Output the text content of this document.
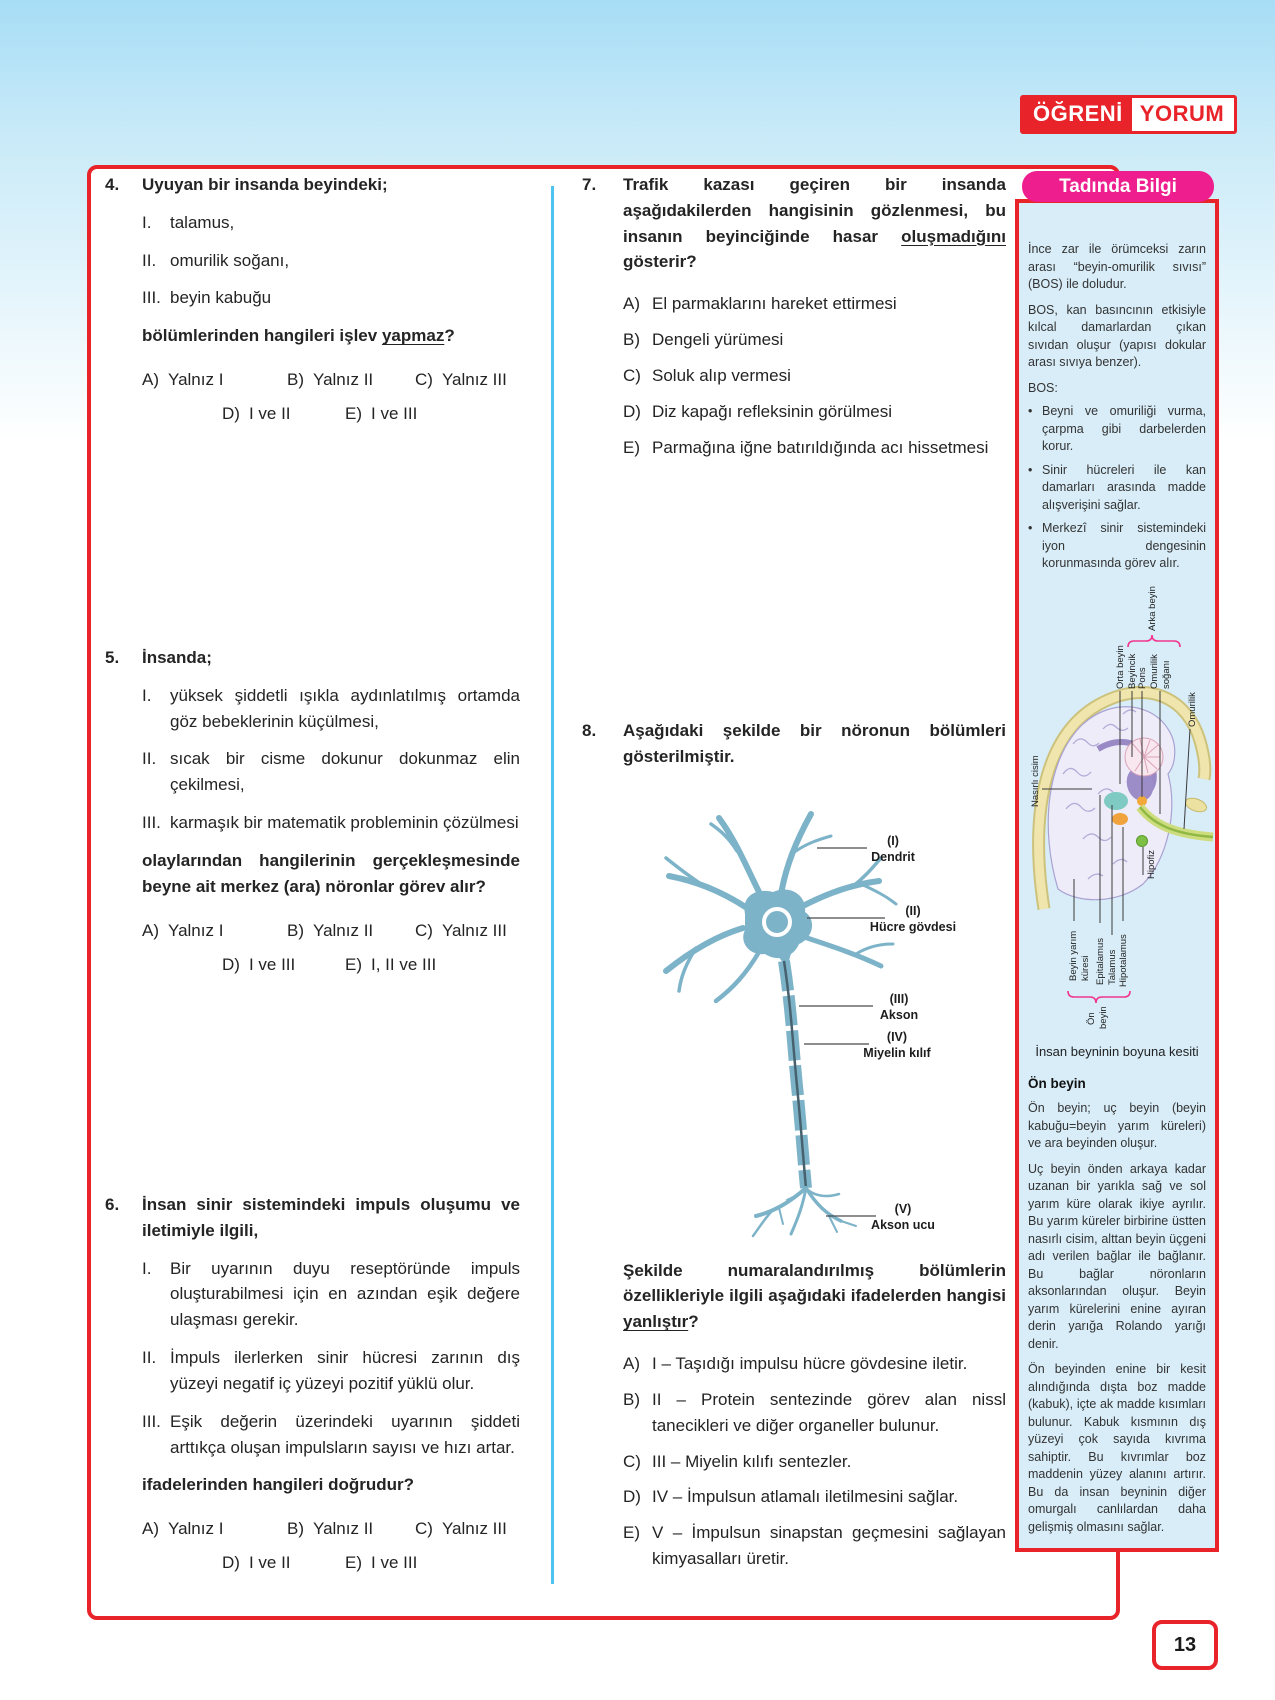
ÖĞRENİ YORUM
4.	Uyuyan bir insanda beyindeki;
I.	talamus,
II. omurilik soğanı,
III. beyin kabuğu
bölümlerinden hangileri işlev yapmaz?
A) Yalnız I	B) Yalnız II C) Yalnız III
D) I ve II	E) I ve III
5.	İnsanda;
I.	yüksek şiddetli ışıkla aydınlatılmış ortamda göz bebeklerinin küçülmesi,
II. sıcak bir cisme dokunur dokunmaz elin çekilmesi,
III. karmaşık bir matematik probleminin çözülmesi
olaylarından hangilerinin gerçekleşmesinde beyne ait merkez (ara) nöronlar görev alır?
A) Yalnız I	B) Yalnız II C) Yalnız III
D) I ve III	E) I, II ve III
6.	İnsan sinir sistemindeki impuls oluşumu ve iletimiyle ilgili,
I.	Bir uyarının duyu reseptöründe impuls oluşturabilmesi için en azından eşik değere ulaşması gerekir.
II. İmpuls ilerlerken sinir hücresi zarının dış yüzeyi negatif iç yüzeyi pozitif yüklü olur.
III. Eşik değerin üzerindeki uyarının şiddeti arttıkça oluşan impulsların sayısı ve hızı artar.
ifadelerinden hangileri doğrudur?
A) Yalnız I	B) Yalnız II C) Yalnız III
D) I ve II	E) I ve III
7.	Trafik kazası geçiren bir insanda aşağıdakilerden hangisinin gözlenmesi, bu insanın beyinciğinde hasar oluşmadığını gösterir?
A) El parmaklarını hareket ettirmesi
B) Dengeli yürümesi
C) Soluk alıp vermesi
D) Diz kapağı refleksinin görülmesi
E) Parmağına iğne batırıldığında acı hissetmesi
8.	Aşağıdaki şekilde bir nöronun bölümleri gösterilmiştir.
(I)
Dendrit
(II)
Hücre gövdesi
(III)
Akson
(IV)
Miyelin kılıf
(V)
Akson ucu
Şekilde numaralandırılmış bölümlerin özellikleriyle ilgili aşağıdaki ifadelerden hangisi yanlıştır?
A) I – Taşıdığı impulsu hücre gövdesine iletir.
B) II – Protein sentezinde görev alan nissl tanecikleri ve diğer organeller bulunur.
C) III – Miyelin kılıfı sentezler.
D) IV – İmpulsun atlamalı iletilmesini sağlar.
E) V – İmpulsun sinapstan geçmesini sağlayan kimyasalları üretir.
Tadında Bilgi

İnce zar ile örümceksi zarın arası “beyin-omurilik sıvısı” (BOS) ile doludur.

BOS, kan basıncının etkisiyle kılcal damarlardan çıkan sıvıdan oluşur (yapısı dokular arası sıvıya benzer).

BOS:

• Beyni ve omuriliği vurma, çarpma gibi darbelerden korur.
• Sinir hücreleri ile kan damarları arasında madde alışverişini sağlar.
• Merkezî sinir sistemindeki iyon dengesinin korunmasında görev alır.
Orta beyin Beyincik Pons Omurilik soğanı
Arka beyin
Omurilik
Nasırlı cisim
Hipofiz
Beyin yarım küresi Epitalamus Talamus Hipotalamus
Ön beyin
İnsan beyninin boyuna kesiti
Ön beyin

Ön beyin; uç beyin (beyin kabuğu=beyin yarım küreleri) ve ara beyinden oluşur.

Uç beyin önden arkaya kadar uzanan bir yarıkla sağ ve sol yarım küre olarak ikiye ayrılır. Bu yarım küreler birbirine üstten nasırlı cisim, alttan beyin üçgeni adı verilen bağlar ile bağlanır. Bu bağlar nöronların aksonlarından oluşur. Beyin yarım kürelerini enine ayıran derin yarığa Rolando yarığı denir.

Ön beyinden enine bir kesit alındığında dışta boz madde (kabuk), içte ak madde kısımları bulunur. Kabuk kısmının dış yüzeyi çok sayıda kıvrıma sahiptir. Bu kıvrımlar boz maddenin yüzey alanını artırır. Bu da insan beyninin diğer omurgalı canlılardan daha gelişmiş olmasını sağlar.

13
